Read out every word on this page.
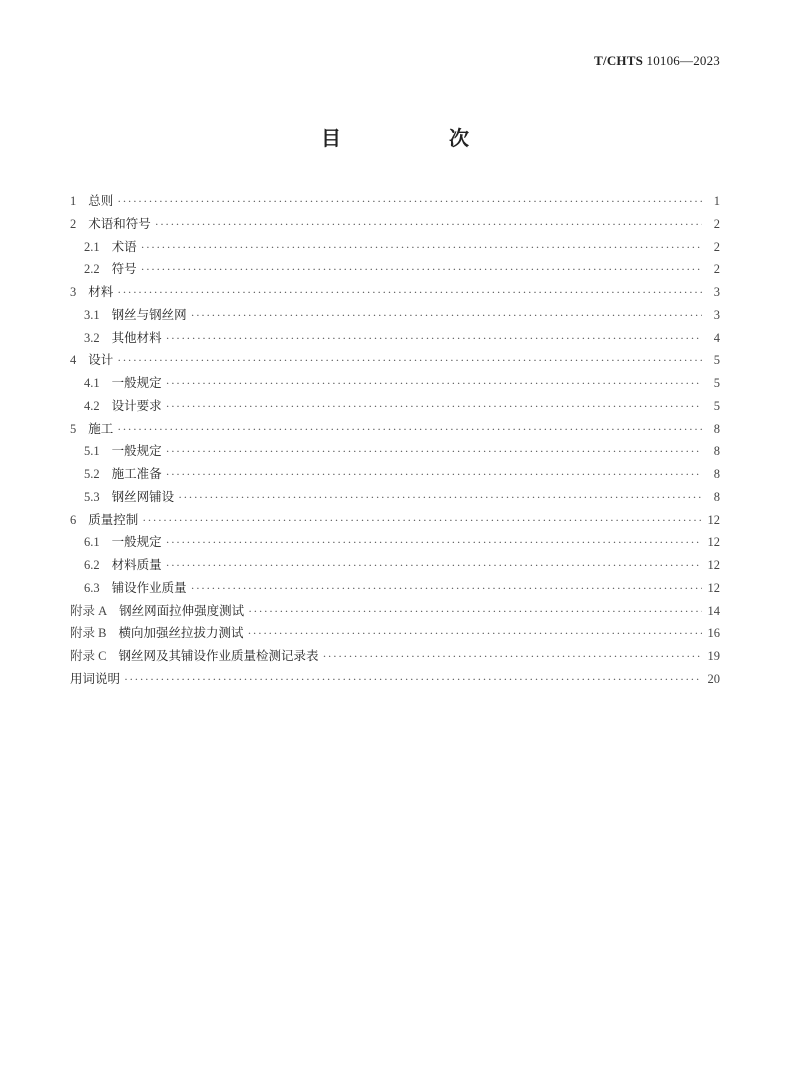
T/CHTS 10106—2023
目　次
1 总则 ·····	1
2 术语和符号 ·····	2
2.1 术语 ·····	2
2.2 符号 ·····	2
3 材料 ·····	3
3.1 钢丝与钢丝网 ·····	3
3.2 其他材料 ·····	4
4 设计 ·····	5
4.1 一般规定 ·····	5
4.2 设计要求 ·····	5
5 施工 ·····	8
5.1 一般规定 ·····	8
5.2 施工准备 ·····	8
5.3 钢丝网铺设 ·····	8
6 质量控制 ·····	12
6.1 一般规定 ·····	12
6.2 材料质量 ·····	12
6.3 铺设作业质量 ·····	12
附录 A 钢丝网面拉伸强度测试 ·····	14
附录 B 横向加强丝拉拔力测试 ·····	16
附录 C 钢丝网及其铺设作业质量检测记录表 ·····	19
用词说明 ·····	20
